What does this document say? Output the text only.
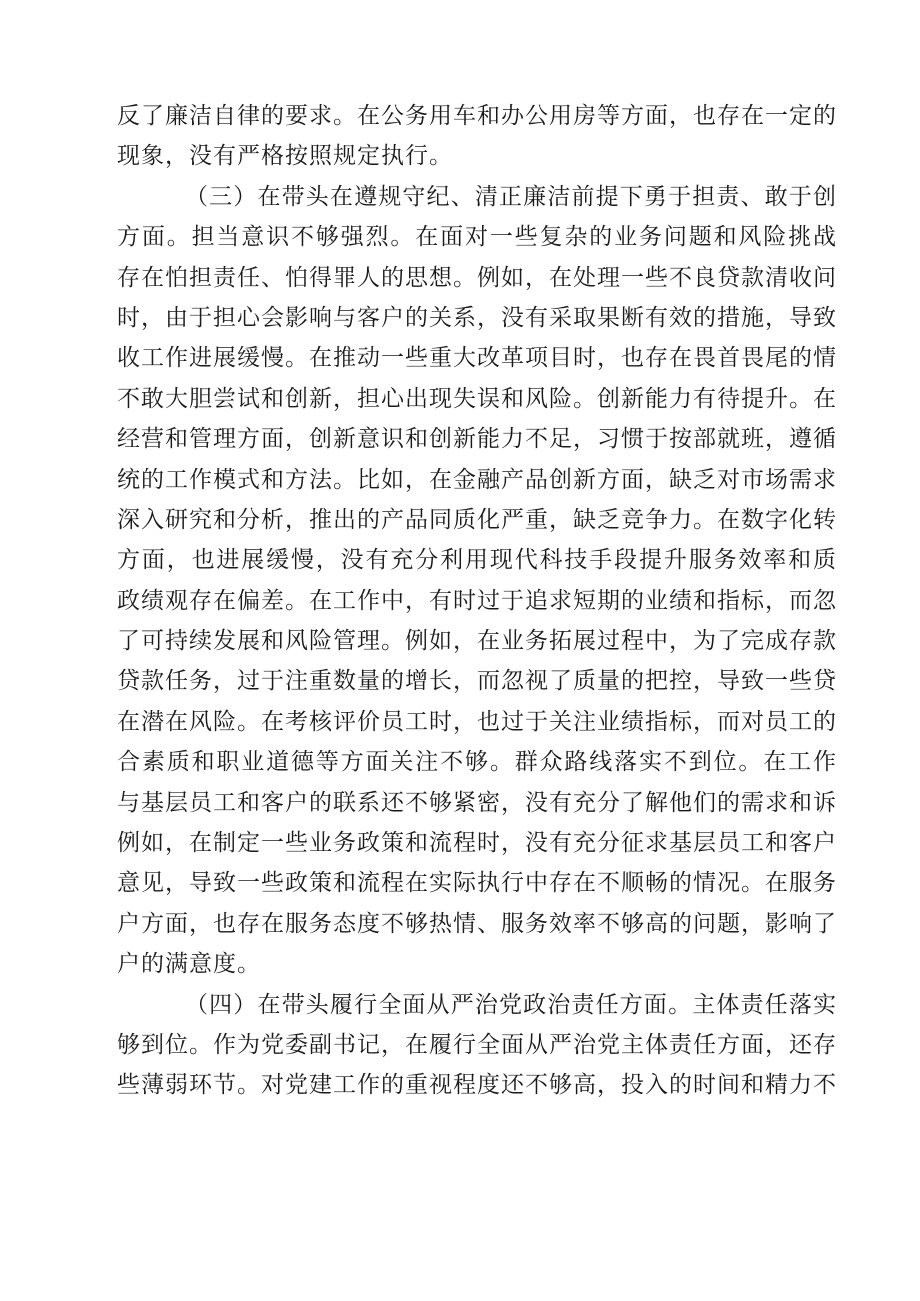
反了廉洁自律的要求。在公务用车和办公用房等方面，也存在一定的
现象，没有严格按照规定执行。
（三）在带头在遵规守纪、清正廉洁前提下勇于担责、敢于创
方面。担当意识不够强烈。在面对一些复杂的业务问题和风险挑战
存在怕担责任、怕得罪人的思想。例如，在处理一些不良贷款清收问
时，由于担心会影响与客户的关系，没有采取果断有效的措施，导致
收工作进展缓慢。在推动一些重大改革项目时，也存在畏首畏尾的情
不敢大胆尝试和创新，担心出现失误和风险。创新能力有待提升。在
经营和管理方面，创新意识和创新能力不足，习惯于按部就班，遵循
统的工作模式和方法。比如，在金融产品创新方面，缺乏对市场需求
深入研究和分析，推出的产品同质化严重，缺乏竞争力。在数字化转
方面，也进展缓慢，没有充分利用现代科技手段提升服务效率和质
政绩观存在偏差。在工作中，有时过于追求短期的业绩和指标，而忽
了可持续发展和风险管理。例如，在业务拓展过程中，为了完成存款
贷款任务，过于注重数量的增长，而忽视了质量的把控，导致一些贷
在潜在风险。在考核评价员工时，也过于关注业绩指标，而对员工的
合素质和职业道德等方面关注不够。群众路线落实不到位。在工作
与基层员工和客户的联系还不够紧密，没有充分了解他们的需求和诉
例如，在制定一些业务政策和流程时，没有充分征求基层员工和客户
意见，导致一些政策和流程在实际执行中存在不顺畅的情况。在服务
户方面，也存在服务态度不够热情、服务效率不够高的问题，影响了
户的满意度。
（四）在带头履行全面从严治党政治责任方面。主体责任落实
够到位。作为党委副书记，在履行全面从严治党主体责任方面，还存
些薄弱环节。对党建工作的重视程度还不够高，投入的时间和精力不
